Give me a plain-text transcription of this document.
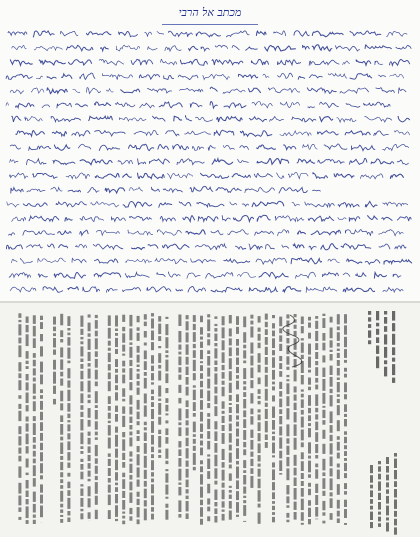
מכתב אל הרבי
